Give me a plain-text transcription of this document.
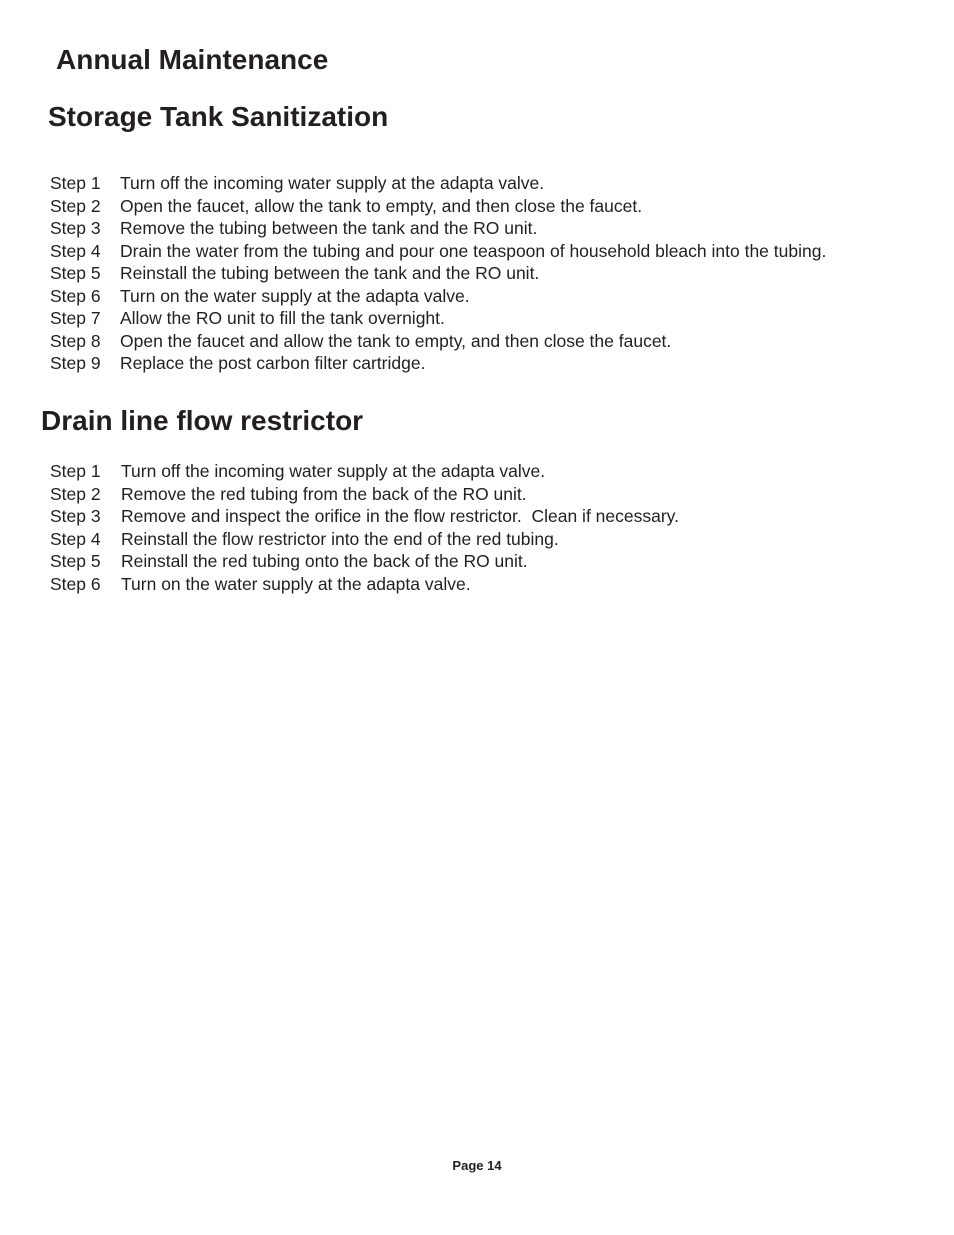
Annual Maintenance
Storage Tank Sanitization
Step 1	Turn off the incoming water supply at the adapta valve.
Step 2	Open the faucet, allow the tank to empty, and then close the faucet.
Step 3	Remove the tubing between the tank and the RO unit.
Step 4	Drain the water from the tubing and pour one teaspoon of household bleach into the tubing.
Step 5	Reinstall the tubing between the tank and the RO unit.
Step 6	Turn on the water supply at the adapta valve.
Step 7	Allow the RO unit to fill the tank overnight.
Step 8	Open the faucet and allow the tank to empty, and then close the faucet.
Step 9	Replace the post carbon filter cartridge.
Drain line flow restrictor
Step 1	Turn off the incoming water supply at the adapta valve.
Step 2	Remove the red tubing from the back of the RO unit.
Step 3	Remove and inspect the orifice in the flow restrictor.  Clean if necessary.
Step 4	Reinstall the flow restrictor into the end of the red tubing.
Step 5	Reinstall the red tubing onto the back of the RO unit.
Step 6	Turn on the water supply at the adapta valve.
Page 14
